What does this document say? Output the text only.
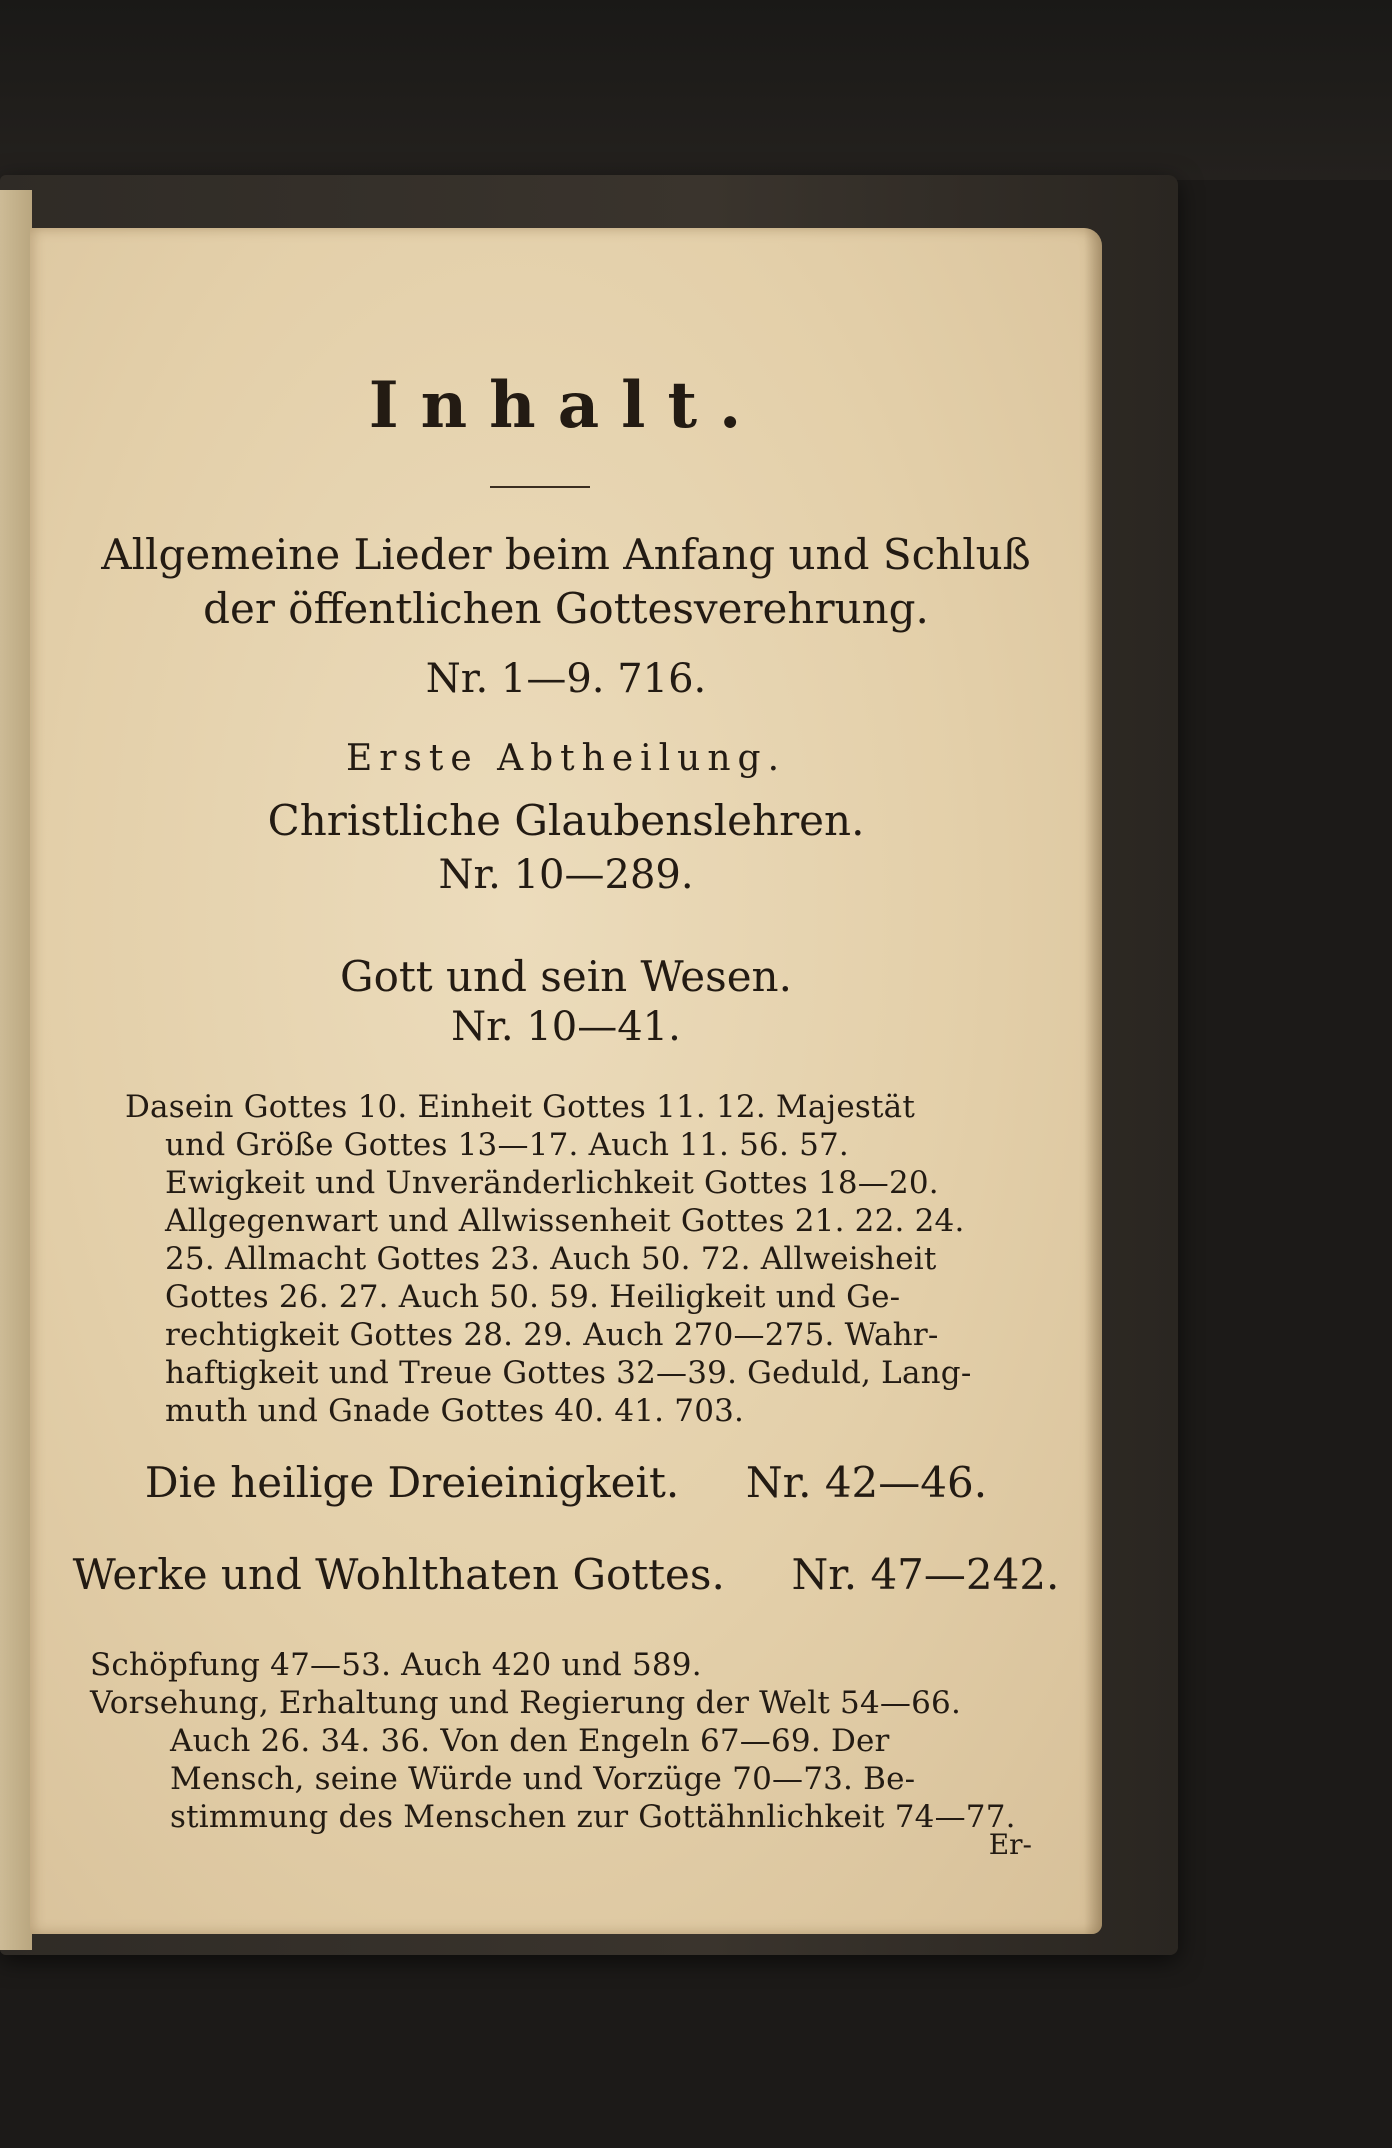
Inhalt.
Allgemeine Lieder beim Anfang und Schluß
der öffentlichen Gottesverehrung.
Nr. 1—9. 716.
Erste Abtheilung.
Christliche Glaubenslehren.
Nr. 10—289.
Gott und sein Wesen.
Nr. 10—41.
Dasein Gottes 10. Einheit Gottes 11. 12. Majestät
und Größe Gottes 13—17. Auch 11. 56. 57.
Ewigkeit und Unveränderlichkeit Gottes 18—20.
Allgegenwart und Allwissenheit Gottes 21. 22. 24.
25. Allmacht Gottes 23. Auch 50. 72. Allweisheit
Gottes 26. 27. Auch 50. 59. Heiligkeit und Ge-
rechtigkeit Gottes 28. 29. Auch 270—275. Wahr-
haftigkeit und Treue Gottes 32—39. Geduld, Lang-
muth und Gnade Gottes 40. 41. 703.
Die heilige Dreieinigkeit. Nr. 42—46.
Werke und Wohlthaten Gottes. Nr. 47—242.
Schöpfung 47—53. Auch 420 und 589.
Vorsehung, Erhaltung und Regierung der Welt 54—66.
Auch 26. 34. 36. Von den Engeln 67—69. Der
Mensch, seine Würde und Vorzüge 70—73. Be-
stimmung des Menschen zur Gottähnlichkeit 74—77.
Er-
